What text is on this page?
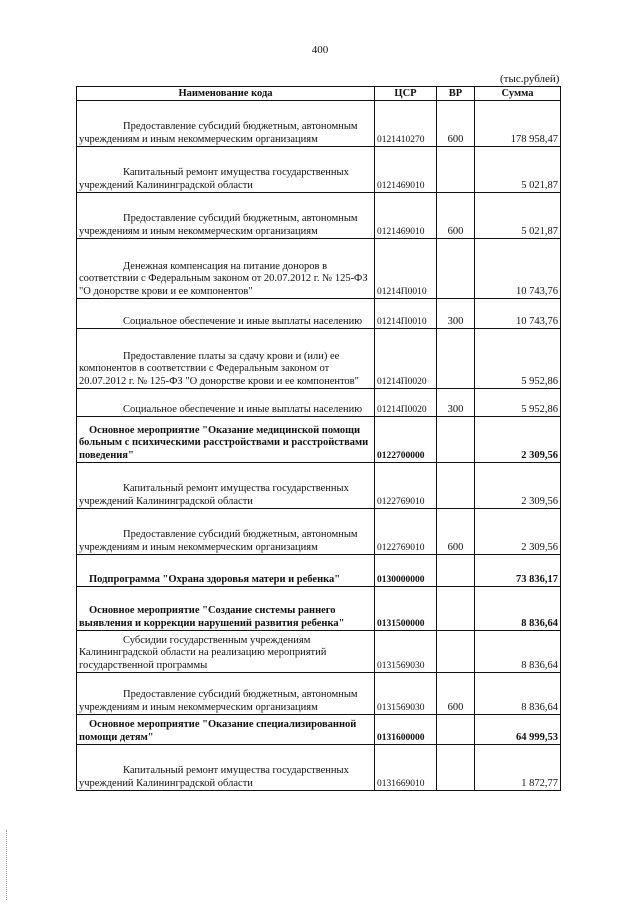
400
(тыс.рублей)
Наименование кода	ЦСР	ВР	Сумма
Предоставление субсидий бюджетным, автономным учреждениям и иным некоммерческим организациям	0121410270	600	178 958,47
Капитальный ремонт имущества государственных учреждений Калининградской области	0121469010		5 021,87
Предоставление субсидий бюджетным, автономным учреждениям и иным некоммерческим организациям	0121469010	600	5 021,87
Денежная компенсация на питание доноров в соответствии с Федеральным законом от 20.07.2012 г. № 125-ФЗ "О донорстве крови и ее компонентов"	01214П0010		10 743,76
Социальное обеспечение и иные выплаты населению	01214П0010	300	10 743,76
Предоставление платы за сдачу крови и (или) ее компонентов в соответствии с Федеральным законом от 20.07.2012 г. № 125-ФЗ "О донорстве крови и ее компонентов"	01214П0020		5 952,86
Социальное обеспечение и иные выплаты населению	01214П0020	300	5 952,86
Основное мероприятие "Оказание медицинской помощи больным с психическими расстройствами и расстройствами поведения"	0122700000		2 309,56
Капитальный ремонт имущества государственных учреждений Калининградской области	0122769010		2 309,56
Предоставление субсидий бюджетным, автономным учреждениям и иным некоммерческим организациям	0122769010	600	2 309,56
Подпрограмма "Охрана здоровья матери и ребенка"	0130000000		73 836,17
Основное мероприятие "Создание системы раннего выявления и коррекции нарушений развития ребенка"	0131500000		8 836,64
Субсидии государственным учреждениям Калининградской области на реализацию мероприятий государственной программы	0131569030		8 836,64
Предоставление субсидий бюджетным, автономным учреждениям и иным некоммерческим организациям	0131569030	600	8 836,64
Основное мероприятие "Оказание специализированной помощи детям"	0131600000		64 999,53
Капитальный ремонт имущества государственных учреждений Калининградской области	0131669010		1 872,77
